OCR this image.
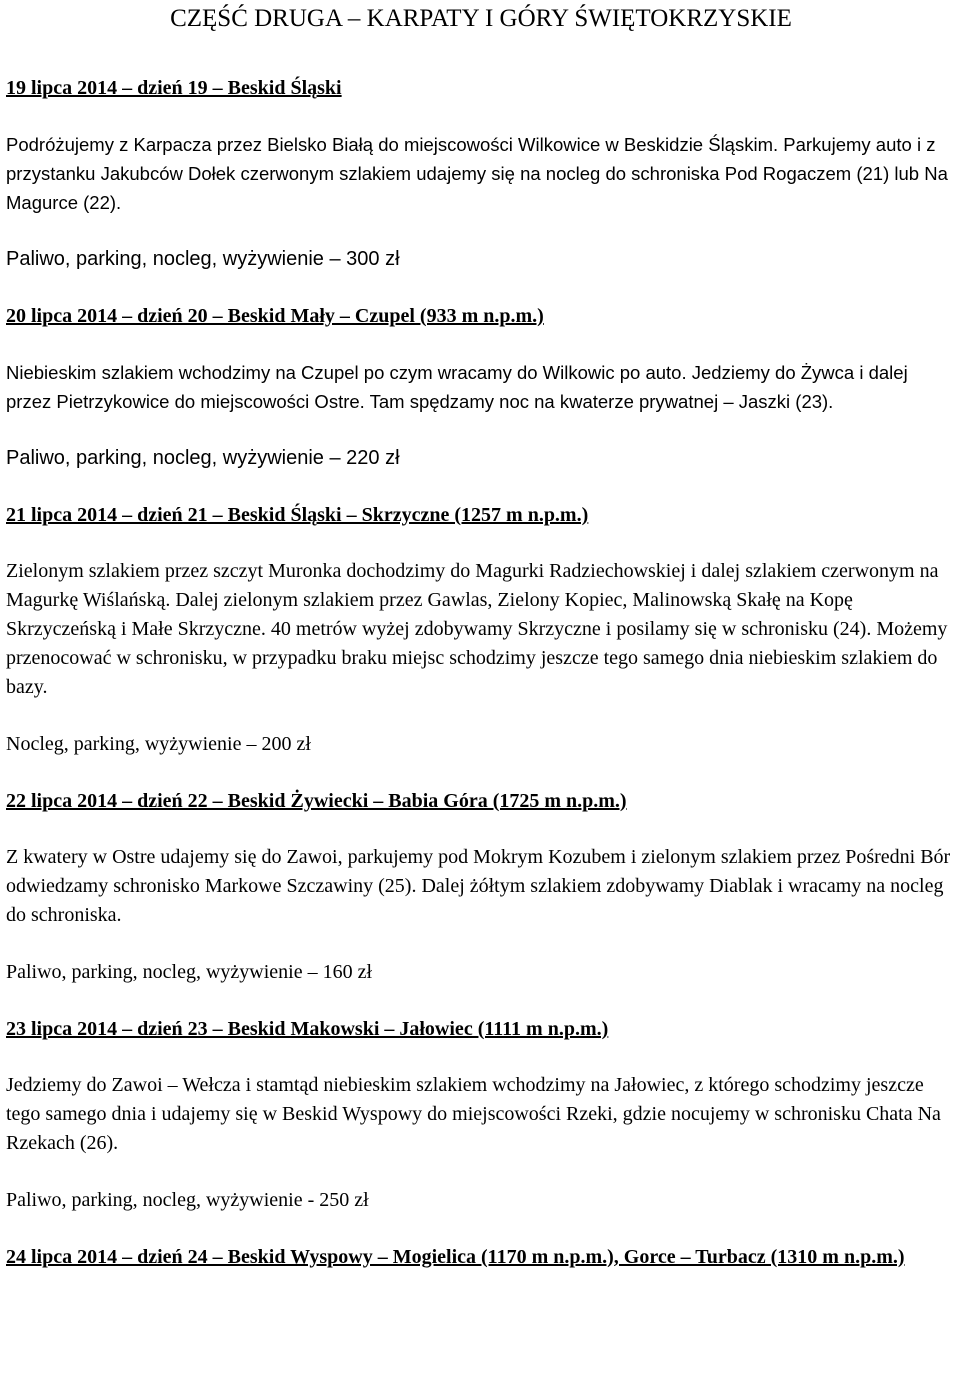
CZĘŚĆ DRUGA – KARPATY I GÓRY ŚWIĘTOKRZYSKIE

19 lipca 2014 – dzień 19 – Beskid Śląski

Podróżujemy z Karpacza przez Bielsko Białą do miejscowości Wilkowice w Beskidzie Śląskim. Parkujemy auto i z przystanku Jakubców Dołek czerwonym szlakiem udajemy się na nocleg do schroniska Pod Rogaczem (21) lub Na Magurce (22).

Paliwo, parking, nocleg, wyżywienie – 300 zł

20 lipca 2014 – dzień 20 – Beskid Mały – Czupel (933 m n.p.m.)

Niebieskim szlakiem wchodzimy na Czupel po czym wracamy do Wilkowic po auto. Jedziemy do Żywca i dalej przez Pietrzykowice do miejscowości Ostre. Tam spędzamy noc na kwaterze prywatnej – Jaszki (23).

Paliwo, parking, nocleg, wyżywienie – 220 zł

21 lipca 2014 – dzień 21 – Beskid Śląski – Skrzyczne (1257 m n.p.m.)

Zielonym szlakiem przez szczyt Muronka dochodzimy do Magurki Radziechowskiej i dalej szlakiem czerwonym na Magurkę Wiślańską. Dalej zielonym szlakiem przez Gawlas, Zielony Kopiec, Malinowską Skałę na Kopę Skrzyczeńską i Małe Skrzyczne. 40 metrów wyżej zdobywamy Skrzyczne i posilamy się w schronisku (24). Możemy przenocować w schronisku, w przypadku braku miejsc schodzimy jeszcze tego samego dnia niebieskim szlakiem do bazy.

Nocleg, parking, wyżywienie – 200 zł

22 lipca 2014 – dzień 22 – Beskid Żywiecki – Babia Góra (1725 m n.p.m.)

Z kwatery w Ostre udajemy się do Zawoi, parkujemy pod Mokrym Kozubem i zielonym szlakiem przez Pośredni Bór odwiedzamy schronisko Markowe Szczawiny (25). Dalej żółtym szlakiem zdobywamy Diablak i wracamy na nocleg do schroniska.

Paliwo, parking, nocleg, wyżywienie – 160 zł

23 lipca 2014 – dzień 23 – Beskid Makowski – Jałowiec (1111 m n.p.m.)

Jedziemy do Zawoi – Wełcza i stamtąd niebieskim szlakiem wchodzimy na Jałowiec, z którego schodzimy jeszcze tego samego dnia i udajemy się w Beskid Wyspowy do miejscowości Rzeki, gdzie nocujemy w schronisku Chata Na Rzekach (26).

Paliwo, parking, nocleg, wyżywienie - 250 zł

24 lipca 2014 – dzień 24 – Beskid Wyspowy – Mogielica (1170 m n.p.m.), Gorce – Turbacz (1310 m n.p.m.)
